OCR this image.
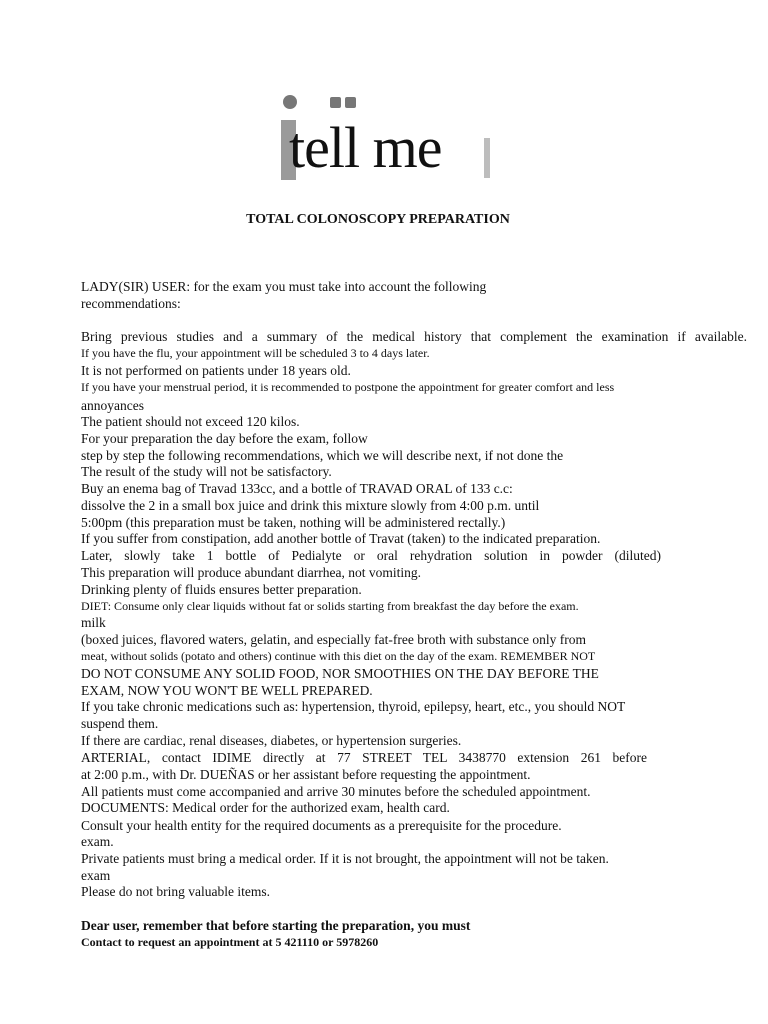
tell me
TOTAL COLONOSCOPY PREPARATION
LADY(SIR) USER: for the exam you must take into account the following
recommendations:
Bring previous studies and a summary of the medical history that complement the examination if available.
If you have the flu, your appointment will be scheduled 3 to 4 days later.
It is not performed on patients under 18 years old.
If you have your menstrual period, it is recommended to postpone the appointment for greater comfort and less
annoyances
The patient should not exceed 120 kilos.
For your preparation the day before the exam, follow
step by step the following recommendations, which we will describe next, if not done the
The result of the study will not be satisfactory.
Buy an enema bag of Travad 133cc, and a bottle of TRAVAD ORAL of 133 c.c:
dissolve the 2 in a small box juice and drink this mixture slowly from 4:00 p.m. until
5:00pm (this preparation must be taken, nothing will be administered rectally.)
If you suffer from constipation, add another bottle of Travat (taken) to the indicated preparation.
Later, slowly take 1 bottle of Pedialyte or oral rehydration solution in powder (diluted)
This preparation will produce abundant diarrhea, not vomiting.
Drinking plenty of fluids ensures better preparation.
DIET: Consume only clear liquids without fat or solids starting from breakfast the day before the exam.
milk
(boxed juices, flavored waters, gelatin, and especially fat-free broth with substance only from
meat, without solids (potato and others) continue with this diet on the day of the exam. REMEMBER NOT
DO NOT CONSUME ANY SOLID FOOD, NOR SMOOTHIES ON THE DAY BEFORE THE
EXAM, NOW YOU WON'T BE WELL PREPARED.
If you take chronic medications such as: hypertension, thyroid, epilepsy, heart, etc., you should NOT
suspend them.
If there are cardiac, renal diseases, diabetes, or hypertension surgeries.
ARTERIAL, contact IDIME directly at 77 STREET TEL 3438770 extension 261 before
at 2:00 p.m., with Dr. DUEÑAS or her assistant before requesting the appointment.
All patients must come accompanied and arrive 30 minutes before the scheduled appointment.
DOCUMENTS: Medical order for the authorized exam, health card.
Consult your health entity for the required documents as a prerequisite for the procedure.
exam.
Private patients must bring a medical order. If it is not brought, the appointment will not be taken.
exam
Please do not bring valuable items.
Dear user, remember that before starting the preparation, you must
Contact to request an appointment at 5 421110 or 5978260
